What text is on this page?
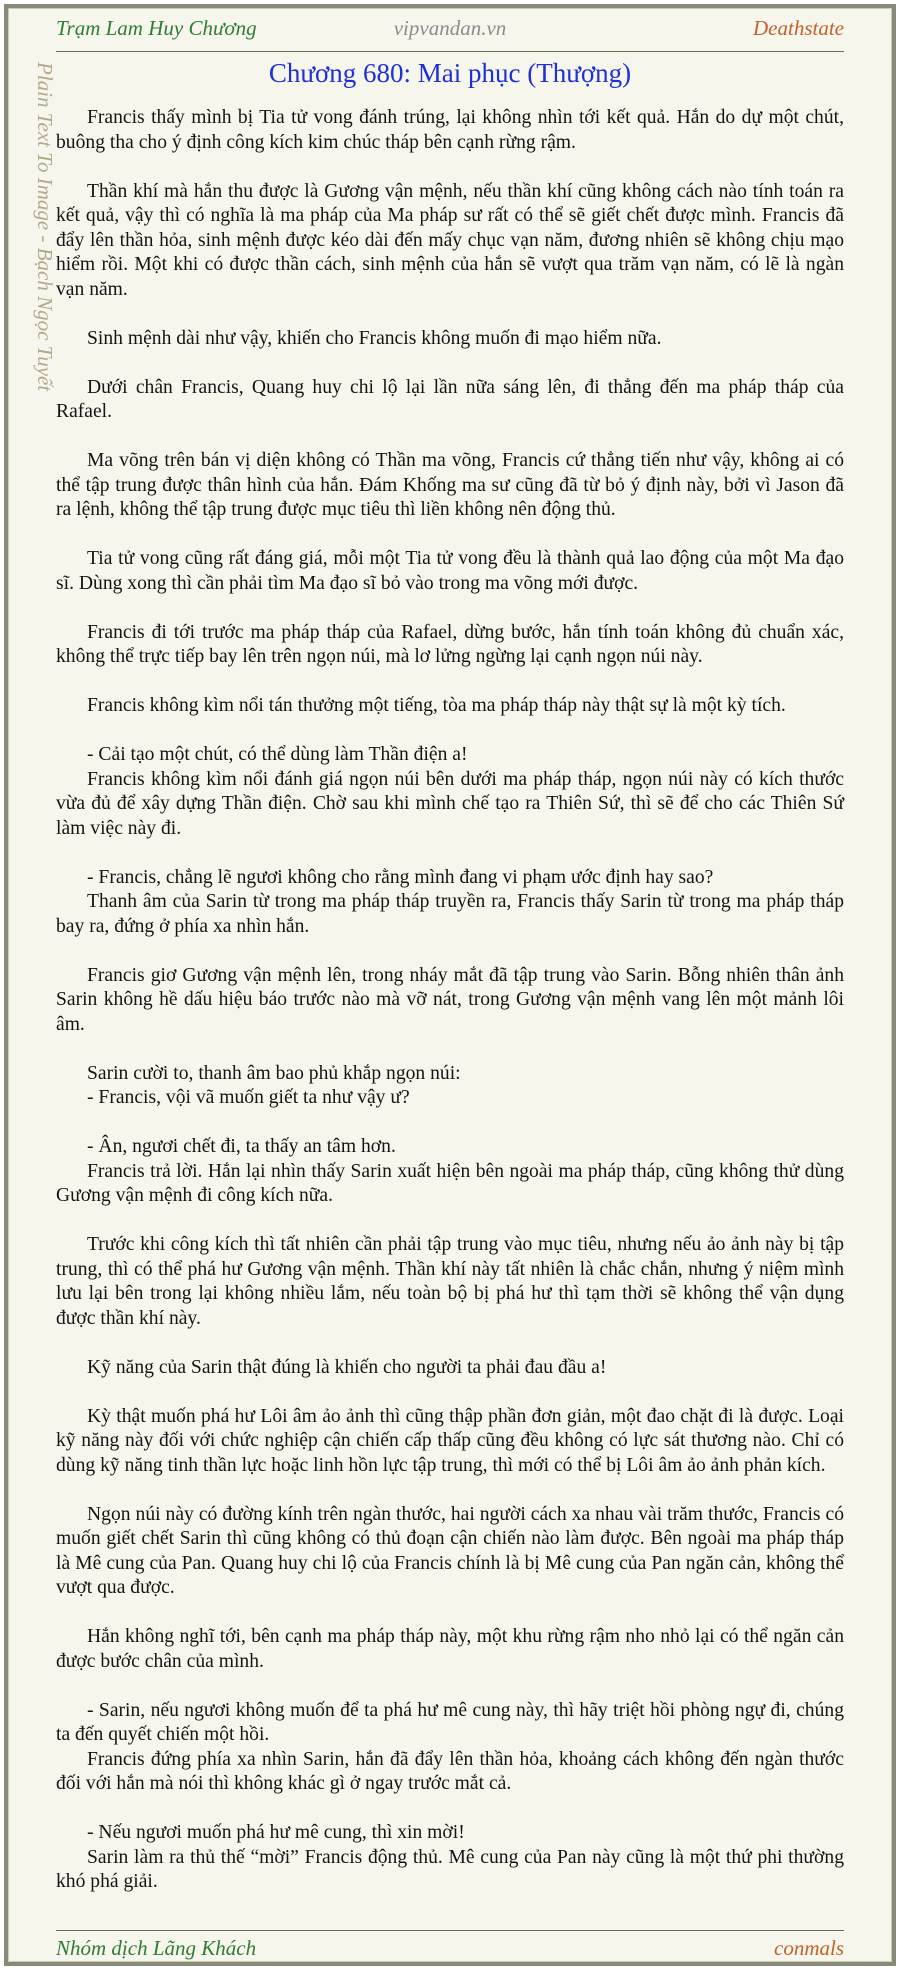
Trạm Lam Huy Chương	vipvandan.vn	Deathstate
Plain Text To Image - Bạch Ngọc Tuyết	Chương 680: Mai phục (Thượng)

Francis thấy mình bị Tia tử vong đánh trúng, lại không nhìn tới kết quả. Hắn do dự một chút, buông tha cho ý định công kích kim chúc tháp bên cạnh rừng rậm.

Thần khí mà hắn thu được là Gương vận mệnh, nếu thần khí cũng không cách nào tính toán ra kết quả, vậy thì có nghĩa là ma pháp của Ma pháp sư rất có thể sẽ giết chết được mình. Francis đã đẩy lên thần hỏa, sinh mệnh được kéo dài đến mấy chục vạn năm, đương nhiên sẽ không chịu mạo hiểm rồi. Một khi có được thần cách, sinh mệnh của hắn sẽ vượt qua trăm vạn năm, có lẽ là ngàn vạn năm.

Sinh mệnh dài như vậy, khiến cho Francis không muốn đi mạo hiểm nữa.

Dưới chân Francis, Quang huy chi lộ lại lần nữa sáng lên, đi thẳng đến ma pháp tháp của Rafael.

Ma võng trên bán vị diện không có Thần ma võng, Francis cứ thẳng tiến như vậy, không ai có thể tập trung được thân hình của hắn. Đám Khống ma sư cũng đã từ bỏ ý định này, bởi vì Jason đã ra lệnh, không thể tập trung được mục tiêu thì liền không nên động thủ.

Tia tử vong cũng rất đáng giá, mỗi một Tia tử vong đều là thành quả lao động của một Ma đạo sĩ. Dùng xong thì cần phải tìm Ma đạo sĩ bỏ vào trong ma võng mới được.

Francis đi tới trước ma pháp tháp của Rafael, dừng bước, hắn tính toán không đủ chuẩn xác, không thể trực tiếp bay lên trên ngọn núi, mà lơ lửng ngừng lại cạnh ngọn núi này.

Francis không kìm nổi tán thưởng một tiếng, tòa ma pháp tháp này thật sự là một kỳ tích.

- Cải tạo một chút, có thể dùng làm Thần điện a!

Francis không kìm nổi đánh giá ngọn núi bên dưới ma pháp tháp, ngọn núi này có kích thước vừa đủ để xây dựng Thần điện. Chờ sau khi mình chế tạo ra Thiên Sứ, thì sẽ để cho các Thiên Sứ làm việc này đi.

- Francis, chẳng lẽ ngươi không cho rằng mình đang vi phạm ước định hay sao?

Thanh âm của Sarin từ trong ma pháp tháp truyền ra, Francis thấy Sarin từ trong ma pháp tháp bay ra, đứng ở phía xa nhìn hắn.

Francis giơ Gương vận mệnh lên, trong nháy mắt đã tập trung vào Sarin. Bỗng nhiên thân ảnh Sarin không hề dấu hiệu báo trước nào mà vỡ nát, trong Gương vận mệnh vang lên một mảnh lôi âm.

Sarin cười to, thanh âm bao phủ khắp ngọn núi:

- Francis, vội vã muốn giết ta như vậy ư?

- Ân, ngươi chết đi, ta thấy an tâm hơn.

Francis trả lời. Hắn lại nhìn thấy Sarin xuất hiện bên ngoài ma pháp tháp, cũng không thử dùng Gương vận mệnh đi công kích nữa.

Trước khi công kích thì tất nhiên cần phải tập trung vào mục tiêu, nhưng nếu ảo ảnh này bị tập trung, thì có thể phá hư Gương vận mệnh. Thần khí này tất nhiên là chắc chắn, nhưng ý niệm mình lưu lại bên trong lại không nhiều lắm, nếu toàn bộ bị phá hư thì tạm thời sẽ không thể vận dụng được thần khí này.

Kỹ năng của Sarin thật đúng là khiến cho người ta phải đau đầu a!

Kỳ thật muốn phá hư Lôi âm ảo ảnh thì cũng thập phần đơn giản, một đao chặt đi là được. Loại kỹ năng này đối với chức nghiệp cận chiến cấp thấp cũng đều không có lực sát thương nào. Chỉ có dùng kỹ năng tinh thần lực hoặc linh hồn lực tập trung, thì mới có thể bị Lôi âm ảo ảnh phản kích.

Ngọn núi này có đường kính trên ngàn thước, hai người cách xa nhau vài trăm thước, Francis có muốn giết chết Sarin thì cũng không có thủ đoạn cận chiến nào làm được. Bên ngoài ma pháp tháp là Mê cung của Pan. Quang huy chi lộ của Francis chính là bị Mê cung của Pan ngăn cản, không thể vượt qua được.

Hắn không nghĩ tới, bên cạnh ma pháp tháp này, một khu rừng rậm nho nhỏ lại có thể ngăn cản được bước chân của mình.

- Sarin, nếu ngươi không muốn để ta phá hư mê cung này, thì hãy triệt hồi phòng ngự đi, chúng ta đến quyết chiến một hồi.

Francis đứng phía xa nhìn Sarin, hắn đã đẩy lên thần hỏa, khoảng cách không đến ngàn thước đối với hắn mà nói thì không khác gì ở ngay trước mắt cả.

- Nếu ngươi muốn phá hư mê cung, thì xin mời!

Sarin làm ra thủ thế “mời” Francis động thủ. Mê cung của Pan này cũng là một thứ phi thường khó phá giải.

Nhóm dịch Lãng Khách	conmals
